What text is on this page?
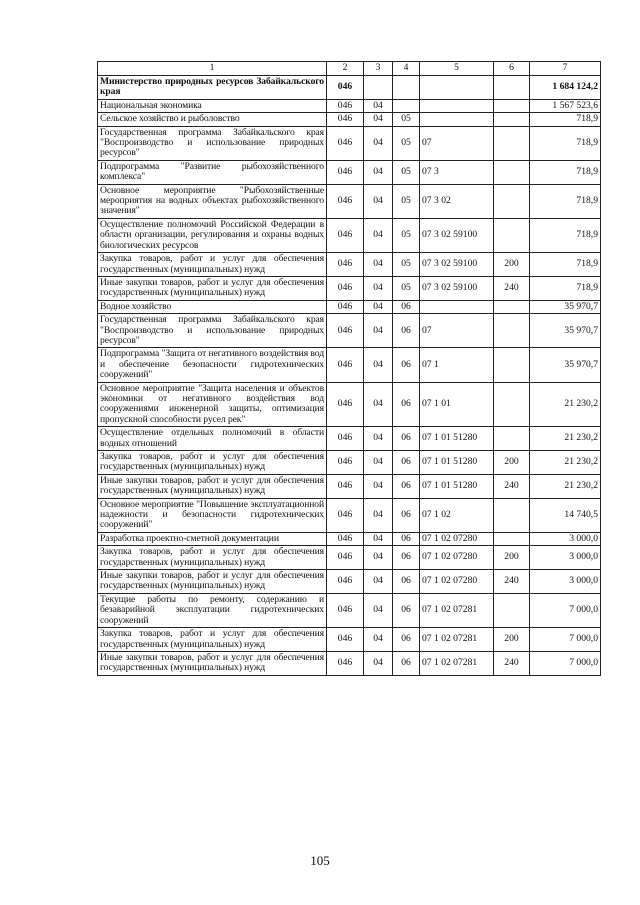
1	2	3	4	5	6	7
Министерство природных ресурсов Забайкальского края	046					1 684 124,2
Национальная экономика	046	04				1 567 523,6
Сельское хозяйство и рыболовство	046	04	05			718,9
Государственная программа Забайкальского края "Воспроизводство и использование природных ресурсов"	046	04	05	07		718,9
Подпрограмма "Развитие рыбохозяйственного комплекса"	046	04	05	07 3		718,9
Основное мероприятие "Рыбохозяйственные мероприятия на водных объектах рыбохозяйственного значения"	046	04	05	07 3 02		718,9
Осуществление полномочий Российской Федерации в области организации, регулирования и охраны водных биологических ресурсов	046	04	05	07 3 02 59100		718,9
Закупка товаров, работ и услуг для обеспечения государственных (муниципальных) нужд	046	04	05	07 3 02 59100	200	718,9
Иные закупки товаров, работ и услуг для обеспечения государственных (муниципальных) нужд	046	04	05	07 3 02 59100	240	718,9
Водное хозяйство	046	04	06			35 970,7
Государственная программа Забайкальского края "Воспроизводство и использование природных ресурсов"	046	04	06	07		35 970,7
Подпрограмма "Защита от негативного воздействия вод и обеспечение безопасности гидротехнических сооружений"	046	04	06	07 1		35 970,7
Основное мероприятие "Защита населения и объектов экономики от негативного воздействия вод сооружениями инженерной защиты, оптимизация пропускной способности русел рек"	046	04	06	07 1 01		21 230,2
Осуществление отдельных полномочий в области водных отношений	046	04	06	07 1 01 51280		21 230,2
Закупка товаров, работ и услуг для обеспечения государственных (муниципальных) нужд	046	04	06	07 1 01 51280	200	21 230,2
Иные закупки товаров, работ и услуг для обеспечения государственных (муниципальных) нужд	046	04	06	07 1 01 51280	240	21 230,2
Основное мероприятие "Повышение эксплуатационной надежности и безопасности гидротехнических сооружений"	046	04	06	07 1 02		14 740,5
Разработка проектно-сметной документации	046	04	06	07 1 02 07280		3 000,0
Закупка товаров, работ и услуг для обеспечения государственных (муниципальных) нужд	046	04	06	07 1 02 07280	200	3 000,0
Иные закупки товаров, работ и услуг для обеспечения государственных (муниципальных) нужд	046	04	06	07 1 02 07280	240	3 000,0
Текущие работы по ремонту, содержанию и безаварийной эксплуатации гидротехнических сооружений	046	04	06	07 1 02 07281		7 000,0
Закупка товаров, работ и услуг для обеспечения государственных (муниципальных) нужд	046	04	06	07 1 02 07281	200	7 000,0
Иные закупки товаров, работ и услуг для обеспечения государственных (муниципальных) нужд	046	04	06	07 1 02 07281	240	7 000,0
105
